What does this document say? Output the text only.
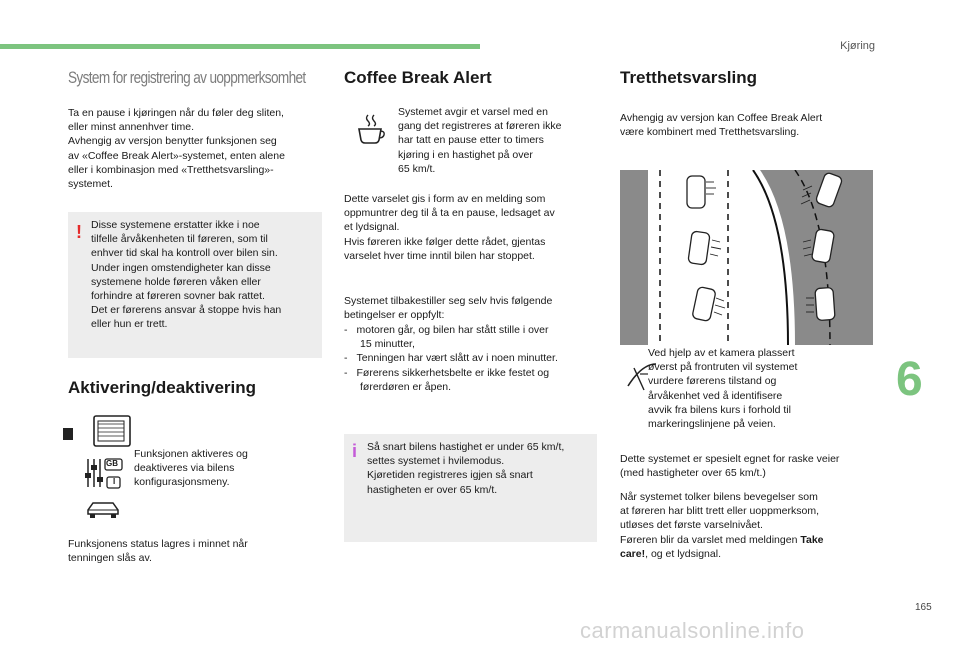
Kjøring
6
165
carmanualsonline.info
System for registrering av uoppmerksomhet
Ta en pause i kjøringen når du føler deg sliten,
eller minst annenhver time.
Avhengig av versjon benytter funksjonen seg
av «Coffee Break Alert»-systemet, enten alene
eller i kombinasjon med «Tretthetsvarsling»-
systemet.
! Disse systemene erstatter ikke i noe
tilfelle årvåkenheten til føreren, som til
enhver tid skal ha kontroll over bilen sin.
Under ingen omstendigheter kan disse
systemene holde føreren våken eller
forhindre at føreren sovner bak rattet.
Det er førerens ansvar å stoppe hvis han
eller hun er trett.
Aktivering/deaktivering
GB
I
Funksjonen aktiveres og
deaktiveres via bilens
konfigurasjonsmeny.
Funksjonens status lagres i minnet når
tenningen slås av.
Coffee Break Alert
Systemet avgir et varsel med en
gang det registreres at føreren ikke
har tatt en pause etter to timers
kjøring i en hastighet på over
65 km/t.
Dette varselet gis i form av en melding som
oppmuntrer deg til å ta en pause, ledsaget av
et lydsignal.
Hvis føreren ikke følger dette rådet, gjentas
varselet hver time inntil bilen har stoppet.
Systemet tilbakestiller seg selv hvis følgende
betingelser er oppfylt:
- motoren går, og bilen har stått stille i over
15 minutter,
- Tenningen har vært slått av i noen minutter.
- Førerens sikkerhetsbelte er ikke festet og
førerdøren er åpen.
i Så snart bilens hastighet er under 65 km/t,
settes systemet i hvilemodus.
Kjøretiden registreres igjen så snart
hastigheten er over 65 km/t.
Tretthetsvarsling
Avhengig av versjon kan Coffee Break Alert
være kombinert med Tretthetsvarsling.
Ved hjelp av et kamera plassert
øverst på frontruten vil systemet
vurdere førerens tilstand og
årvåkenhet ved å identifisere
avvik fra bilens kurs i forhold til
markeringslinjene på veien.
Dette systemet er spesielt egnet for raske veier
(med hastigheter over 65 km/t.)
Når systemet tolker bilens bevegelser som
at føreren har blitt trett eller uoppmerksom,
utløses det første varselnivået.
Føreren blir da varslet med meldingen Take
care!, og et lydsignal.
